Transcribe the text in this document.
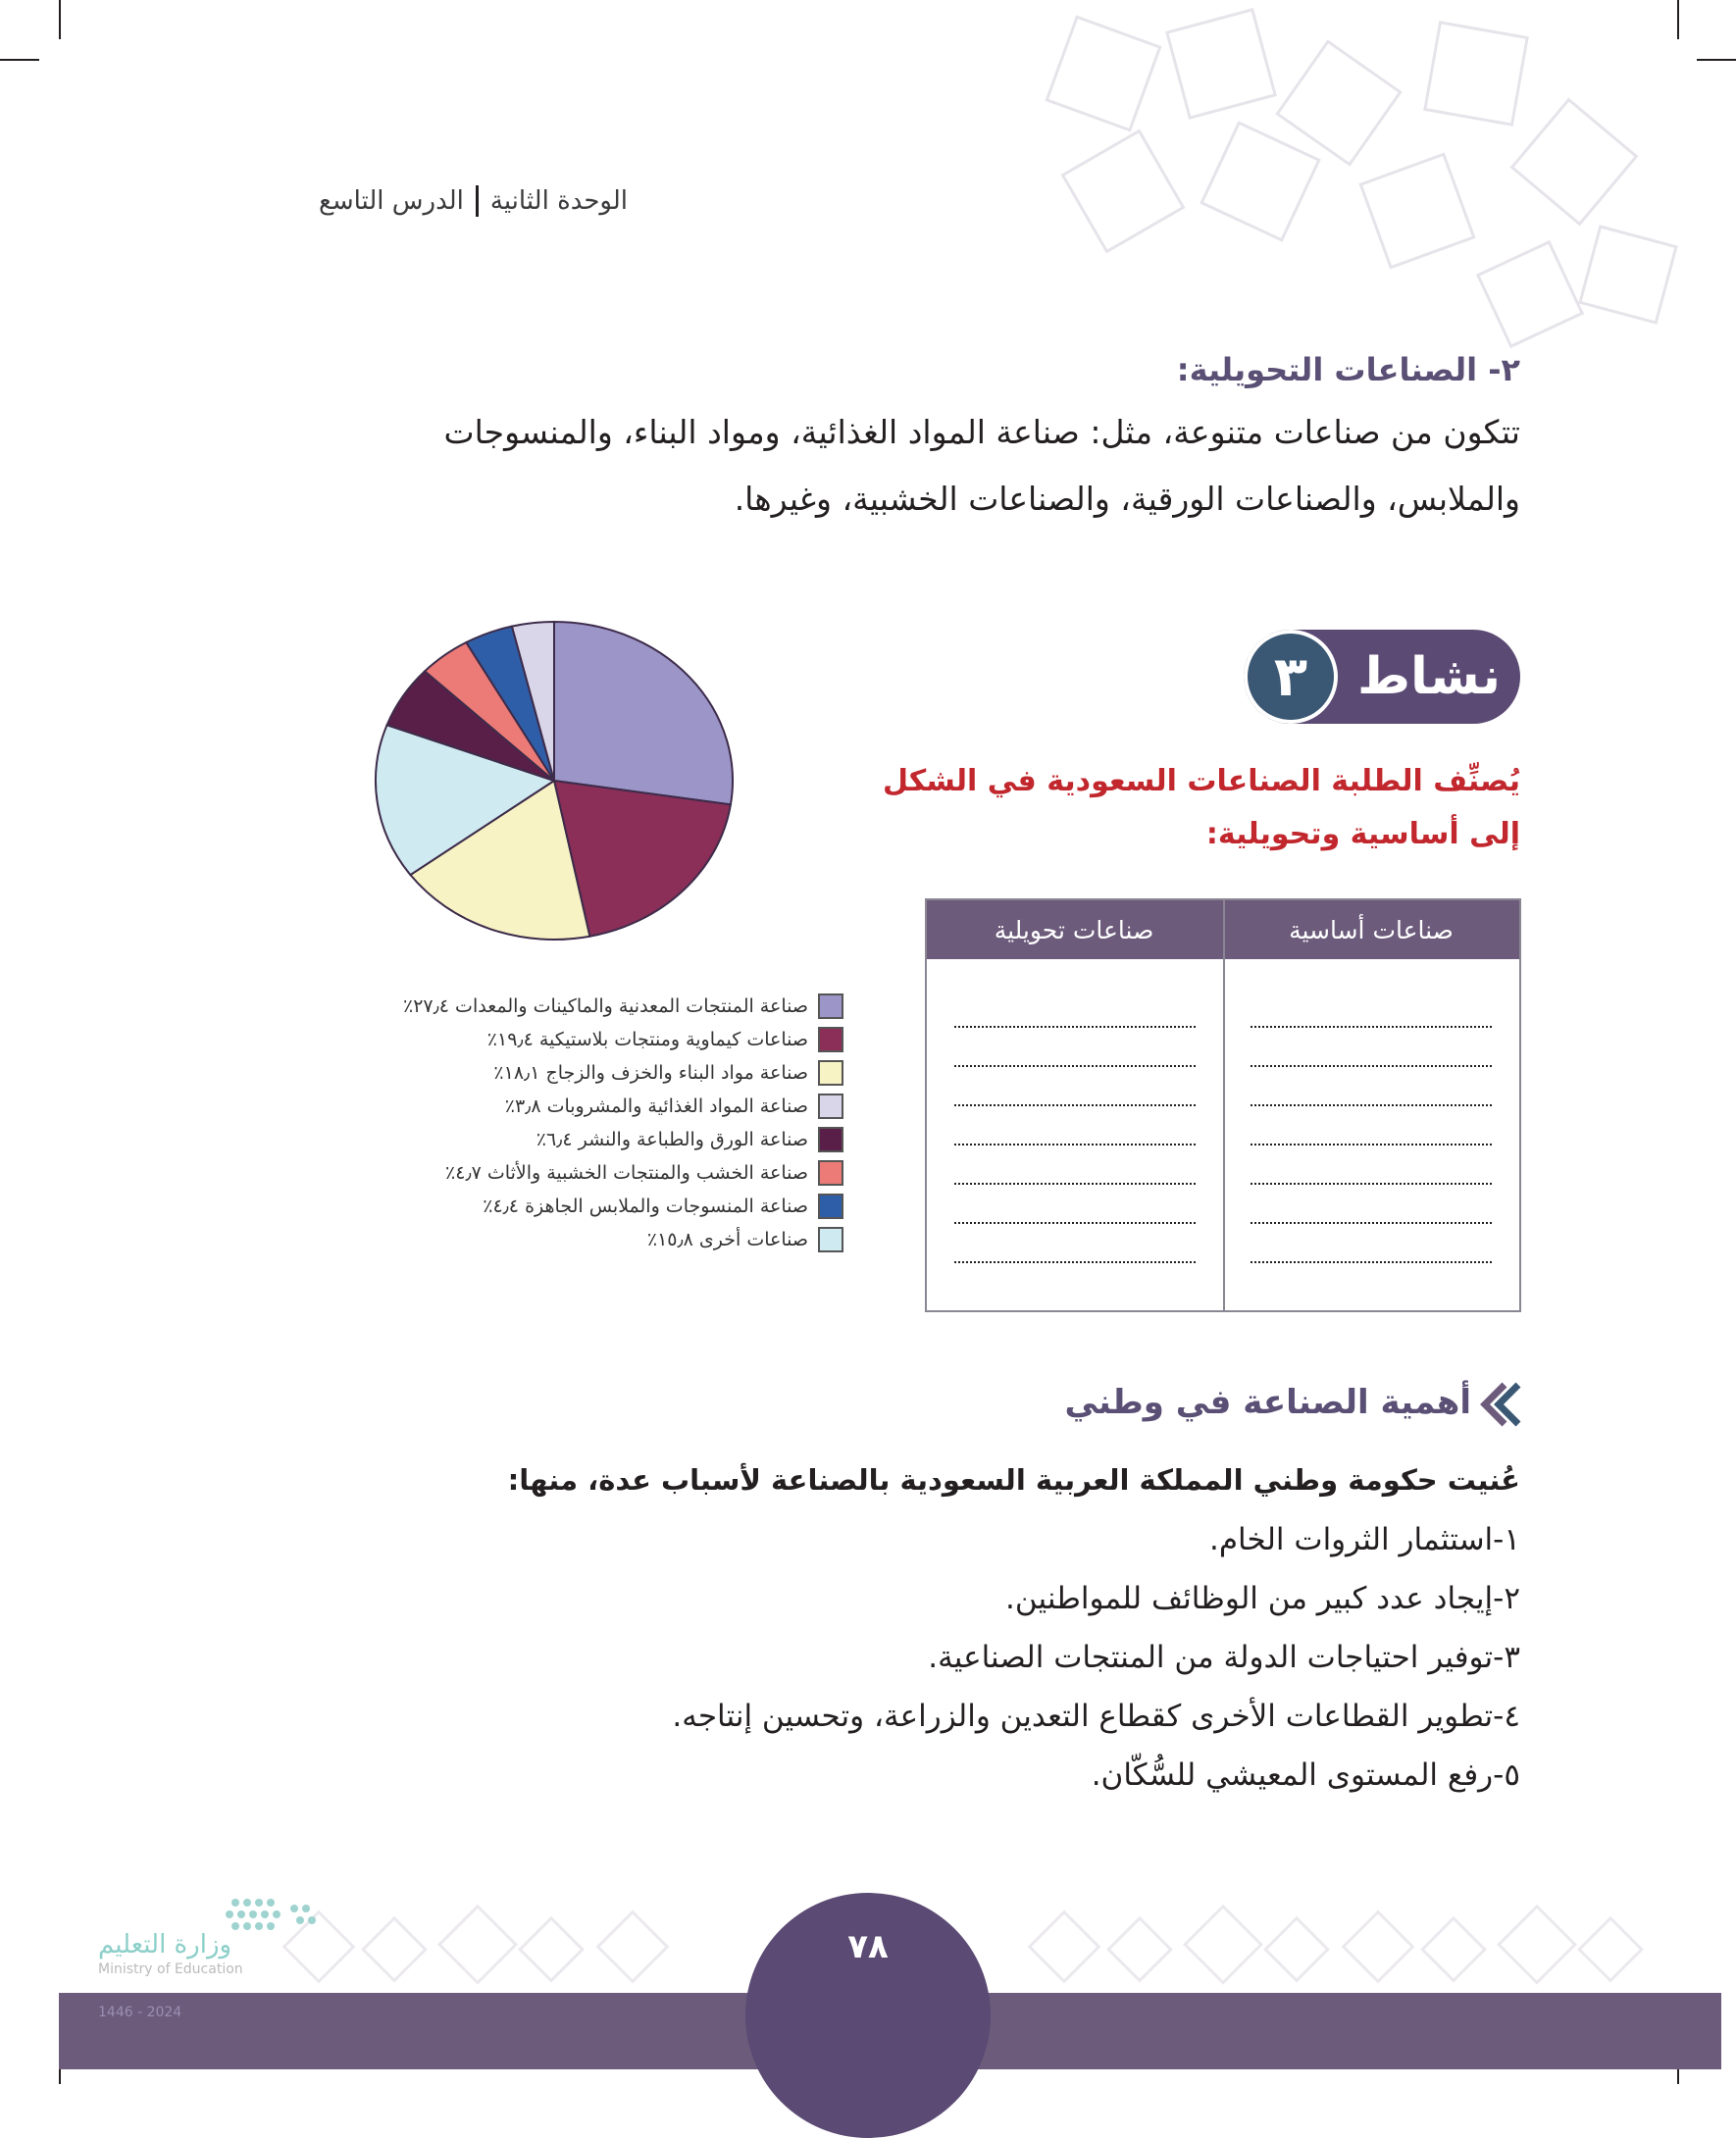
الوحدة الثانية
الدرس التاسع
٢- الصناعات التحويلية:
تتكون من صناعات متنوعة، مثل: صناعة المواد الغذائية، ومواد البناء، والمنسوجات
والملابس، والصناعات الورقية، والصناعات الخشبية، وغيرها.
صناعة المنتجات المعدنية والماكينات والمعدات ٢٧٫٤٪
صناعات كيماوية ومنتجات بلاستيكية ١٩٫٤٪
صناعة مواد البناء والخزف والزجاج ١٨٫١٪
صناعة المواد الغذائية والمشروبات ٣٫٨٪
صناعة الورق والطباعة والنشر ٦٫٤٪
صناعة الخشب والمنتجات الخشبية والأثاث ٤٫٧٪
صناعة المنسوجات والملابس الجاهزة ٤٫٤٪
صناعات أخرى ١٥٫٨٪
نشاط
٣
يُصنِّف الطلبة الصناعات السعودية في الشكل
إلى أساسية وتحويلية:
صناعات أساسية
صناعات تحويلية
أهمية الصناعة في وطني
عُنيت حكومة وطني المملكة العربية السعودية بالصناعة لأسباب عدة، منها:
١-استثمار الثروات الخام.
٢-إيجاد عدد كبير من الوظائف للمواطنين.
٣-توفير احتياجات الدولة من المنتجات الصناعية.
٤-تطوير القطاعات الأخرى كقطاع التعدين والزراعة، وتحسين إنتاجه.
٥-رفع المستوى المعيشي للسُّكّان.
٧٨
وزارة التعليم
Ministry of Education
2024 - 1446
